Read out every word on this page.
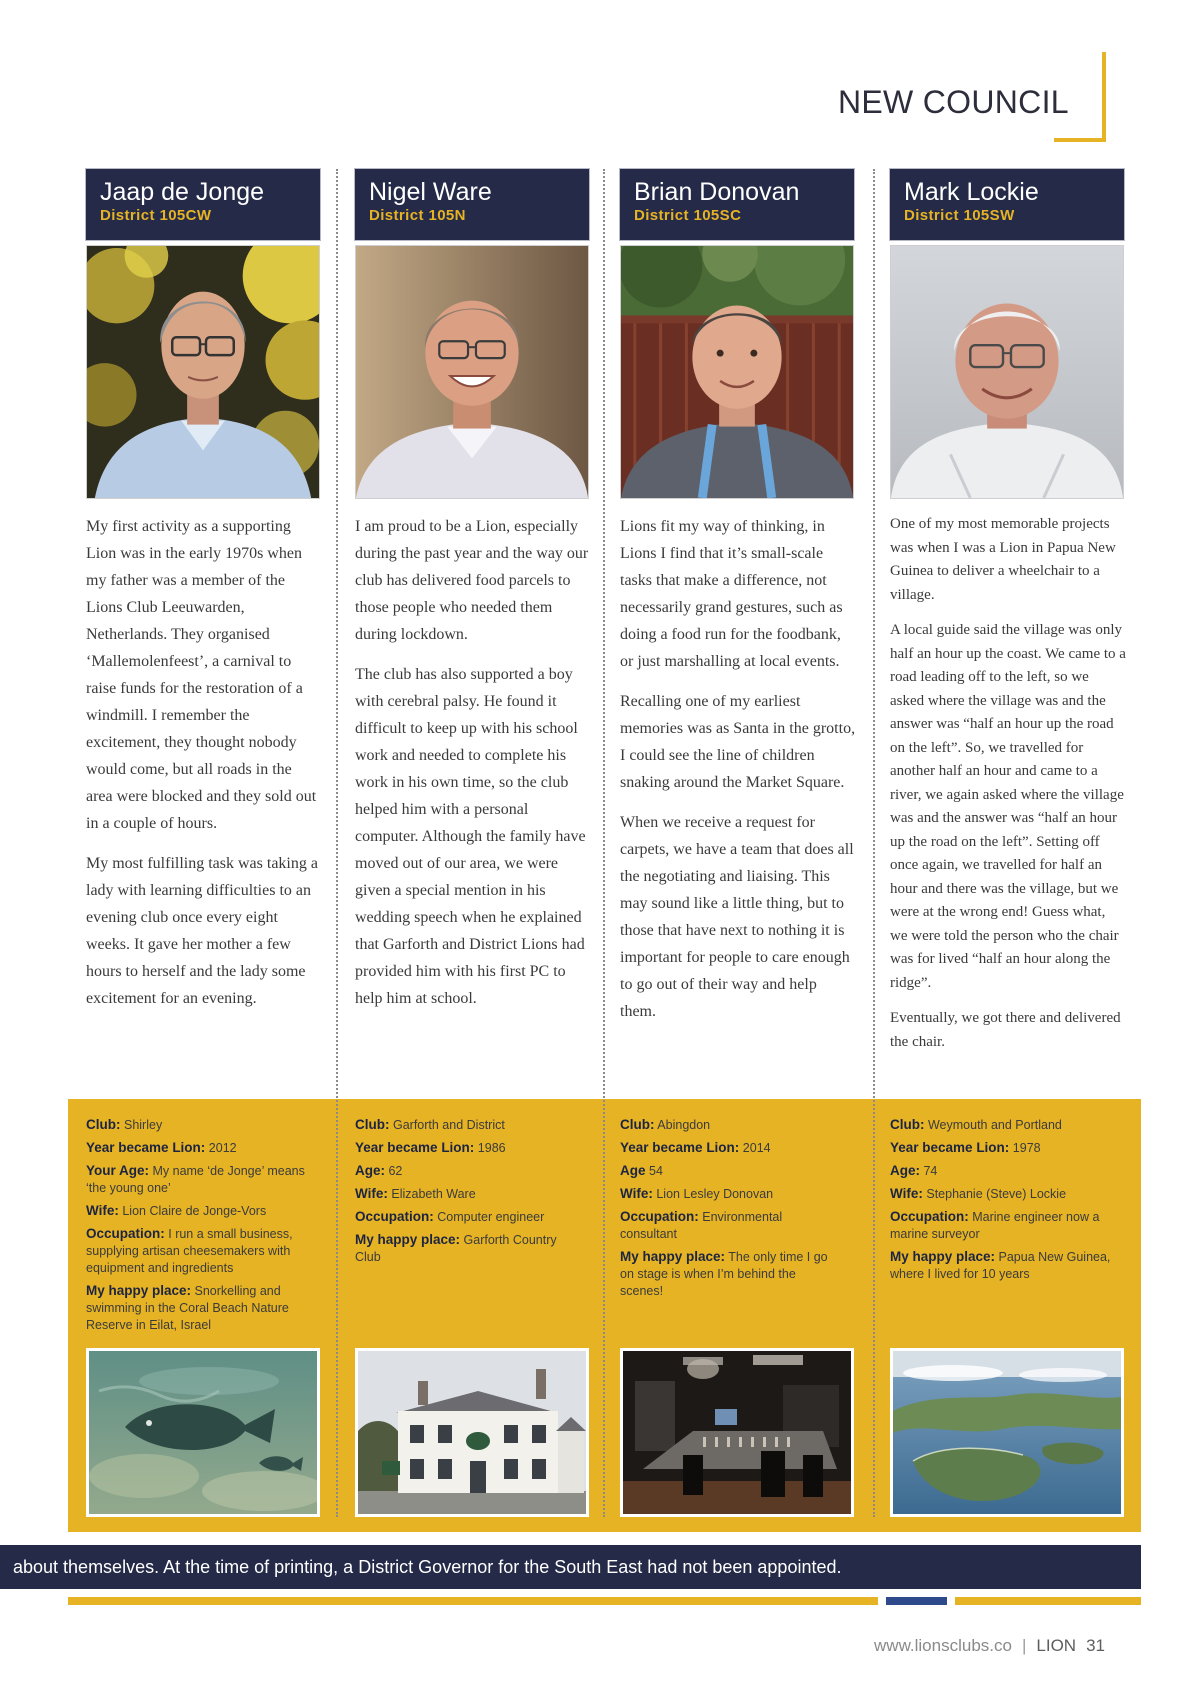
NEW COUNCIL
Jaap de Jonge
District 105CW

My first activity as a supporting Lion was in the early 1970s when my father was a member of the Lions Club Leeuwarden, Netherlands. They organised ‘Mallemolenfeest’, a carnival to raise funds for the restoration of a windmill. I remember the excitement, they thought nobody would come, but all roads in the area were blocked and they sold out in a couple of hours.

My most fulfilling task was taking a lady with learning difficulties to an evening club once every eight weeks. It gave her mother a few hours to herself and the lady some excitement for an evening.

Club: Shirley

Year became Lion: 2012

Your Age: My name ‘de Jonge’ means ‘the young one’

Wife: Lion Claire de Jonge-Vors

Occupation: I run a small business, supplying artisan cheesemakers with equipment and ingredients

My happy place: Snorkelling and swimming in the Coral Beach Nature Reserve in Eilat, Israel

Nigel Ware
District 105N

I am proud to be a Lion, especially during the past year and the way our club has delivered food parcels to those people who needed them during lockdown.

The club has also supported a boy with cerebral palsy. He found it difficult to keep up with his school work and needed to complete his work in his own time, so the club helped him with a personal computer. Although the family have moved out of our area, we were given a special mention in his wedding speech when he explained that Garforth and District Lions had provided him with his first PC to help him at school.

Club: Garforth and District

Year became Lion: 1986

Age: 62

Wife: Elizabeth Ware

Occupation: Computer engineer

My happy place: Garforth Country Club

Brian Donovan
District 105SC

Lions fit my way of thinking, in Lions I find that it’s small-scale tasks that make a difference, not necessarily grand gestures, such as doing a food run for the foodbank, or just marshalling at local events.

Recalling one of my earliest memories was as Santa in the grotto, I could see the line of children snaking around the Market Square.

When we receive a request for carpets, we have a team that does all the negotiating and liaising. This may sound like a little thing, but to those that have next to nothing it is important for people to care enough to go out of their way and help them.

Club: Abingdon

Year became Lion: 2014

Age 54

Wife: Lion Lesley Donovan

Occupation: Environmental consultant

My happy place: The only time I go on stage is when I’m behind the scenes!

Mark Lockie
District 105SW

One of my most memorable projects was when I was a Lion in Papua New Guinea to deliver a wheelchair to a village.

A local guide said the village was only half an hour up the coast. We came to a road leading off to the left, so we asked where the village was and the answer was “half an hour up the road on the left”. So, we travelled for another half an hour and came to a river, we again asked where the village was and the answer was “half an hour up the road on the left”. Setting off once again, we travelled for half an hour and there was the village, but we were at the wrong end! Guess what, we were told the person who the chair was for lived “half an hour along the ridge”.

Eventually, we got there and delivered the chair.

Club: Weymouth and Portland

Year became Lion: 1978

Age: 74

Wife: Stephanie (Steve) Lockie

Occupation: Marine engineer now a marine surveyor

My happy place: Papua New Guinea, where I lived for 10 years

about themselves. At the time of printing, a District Governor for the South East had not been appointed.
www.lionsclubs.co | LION 31
